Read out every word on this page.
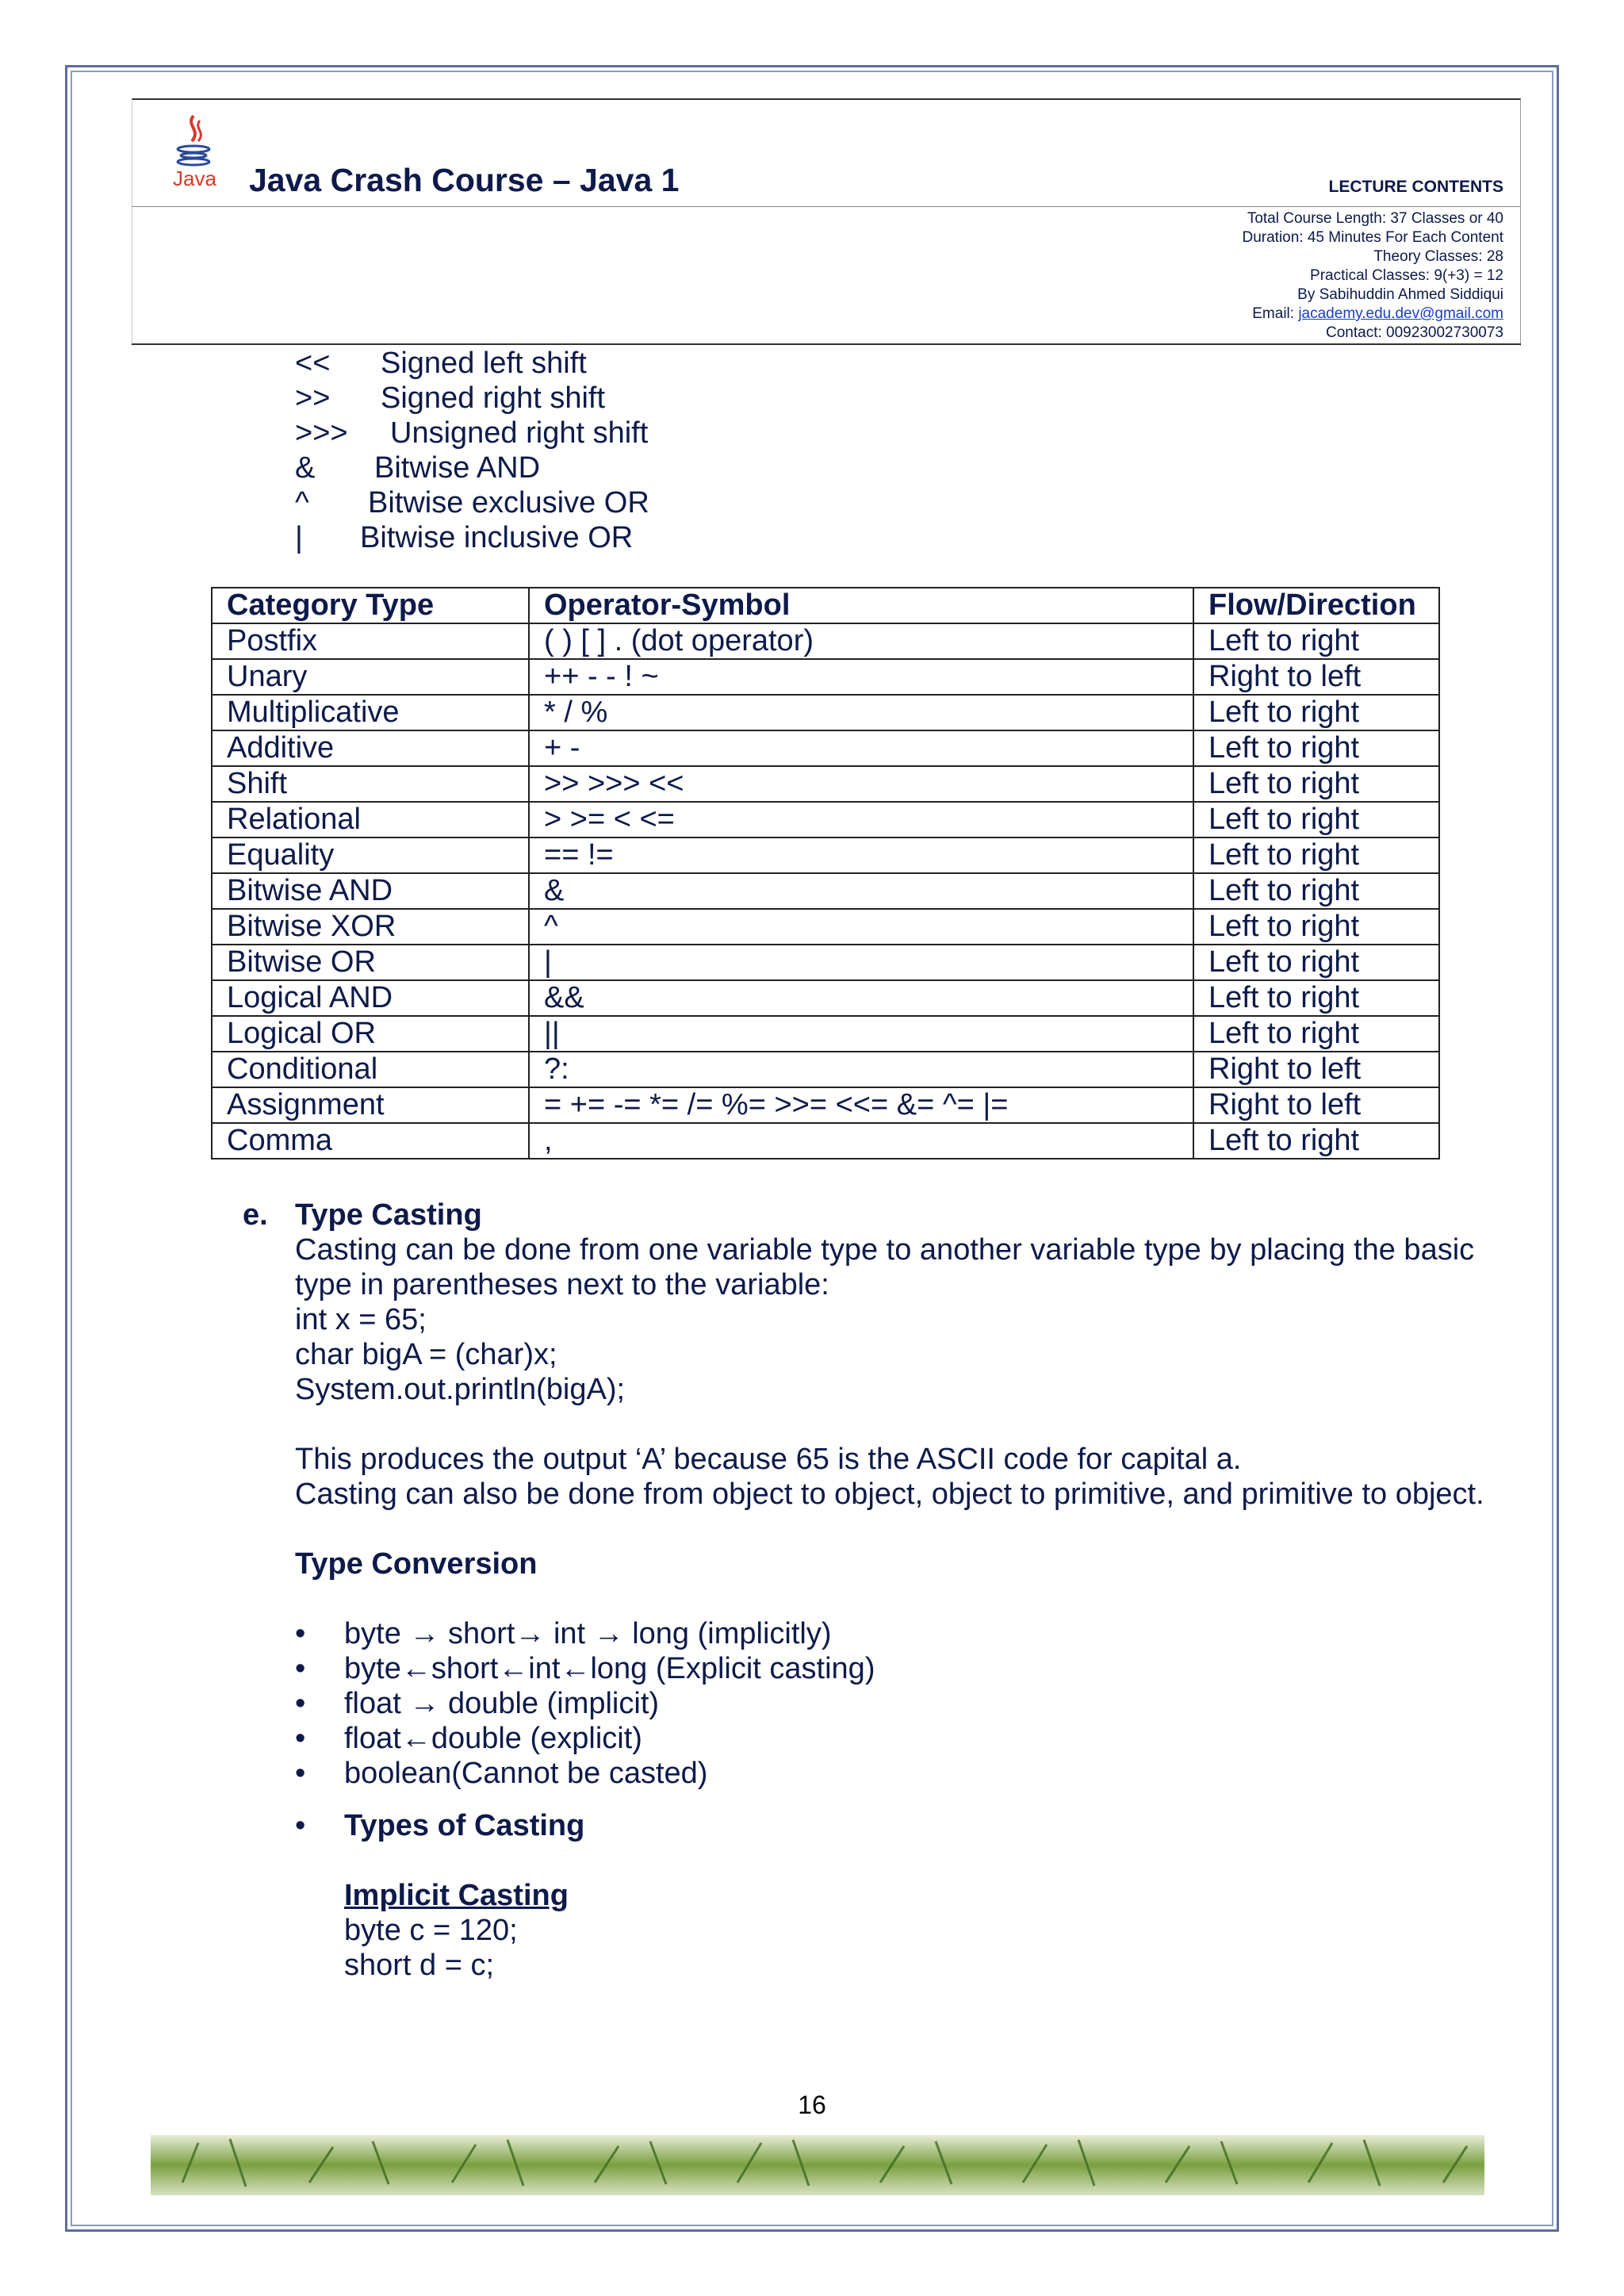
Java Java Crash Course – Java 1	LECTURE CONTENTS
Total Course Length: 37 Classes or 40
Duration: 45 Minutes For Each Content
Theory Classes: 28
Practical Classes: 9(+3) = 12
By Sabihuddin Ahmed Siddiqui
Email: jacademy.edu.dev@gmail.com
Contact: 00923002730073
<<	Signed left shift
>>	Signed right shift
>>>	Unsigned right shift
&	Bitwise AND
^	Bitwise exclusive OR
|	Bitwise inclusive OR
Category Type	Operator-Symbol	Flow/Direction
Postfix	( ) [ ] . (dot operator)	Left to right
Unary	++ - - ! ~	Right to left
Multiplicative	* / %	Left to right
Additive	+ -	Left to right
Shift	>> >>> <<	Left to right
Relational	> >= < <=	Left to right
Equality	== !=	Left to right
Bitwise AND	&	Left to right
Bitwise XOR	^	Left to right
Bitwise OR	|	Left to right
Logical AND	&&	Left to right
Logical OR	||	Left to right
Conditional	?:	Right to left
Assignment	= += -= *= /= %= >>= <<= &= ^= |=	Right to left
Comma	,	Left to right
e. Type Casting
Casting can be done from one variable type to another variable type by placing the basic
type in parentheses next to the variable:
int x = 65;
char bigA = (char)x;
System.out.println(bigA);
This produces the output ‘A’ because 65 is the ASCII code for capital a.
Casting can also be done from object to object, object to primitive, and primitive to object.
Type Conversion
•	byte → short→ int → long (implicitly)
•	byte←short←int←long (Explicit casting)
•	float → double (implicit)
•	float←double (explicit)
•	boolean(Cannot be casted)
•	Types of Casting
Implicit Casting
byte c = 120;
short d = c;
16
